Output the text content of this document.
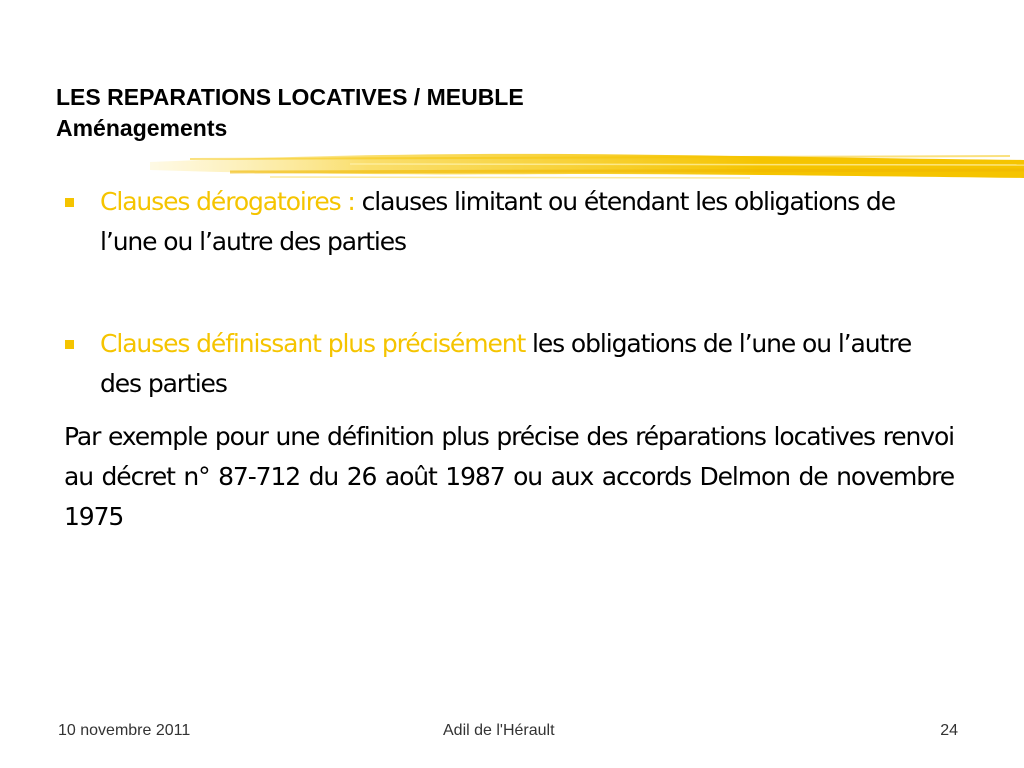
LES REPARATIONS LOCATIVES / MEUBLE
Aménagements
Clauses dérogatoires : clauses limitant ou étendant les obligations de l’une ou l’autre des parties
Clauses définissant plus précisément les obligations de l’une ou l’autre des parties
Par exemple pour une définition plus précise des réparations locatives renvoi au décret n° 87-712 du 26 août 1987 ou aux accords Delmon de novembre 1975
10 novembre 2011	Adil de l'Hérault	24
